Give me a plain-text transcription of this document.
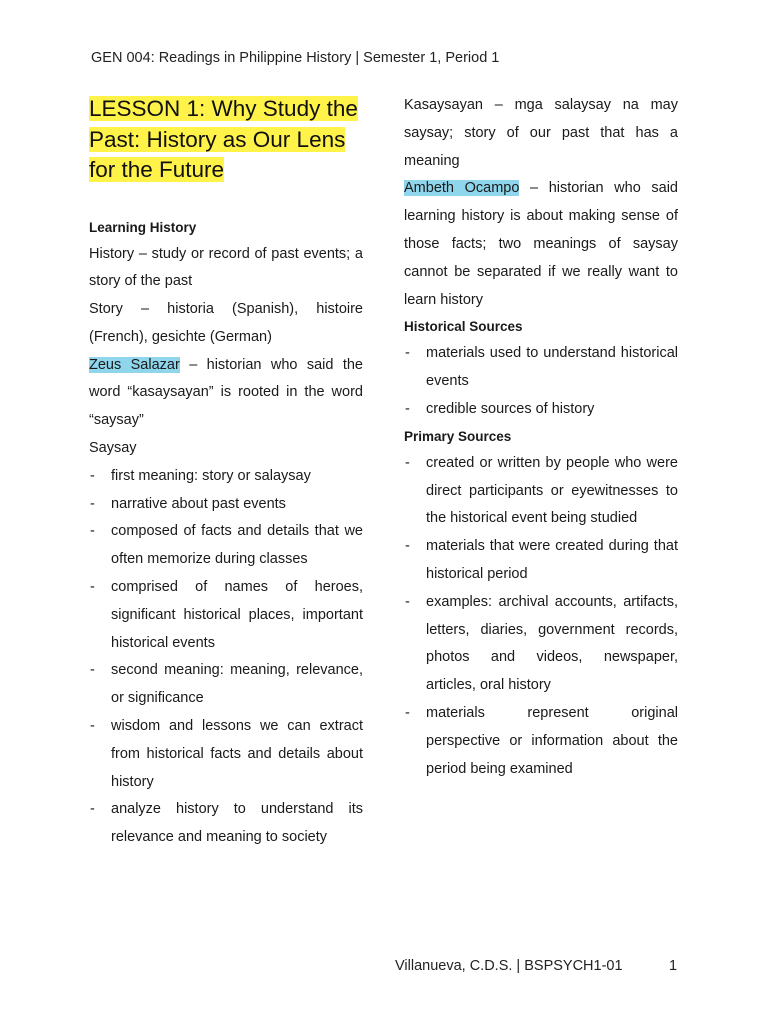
GEN 004: Readings in Philippine History | Semester 1, Period 1

LESSON 1: Why Study the Past: History as Our Lens for the Future

Learning History

History – study or record of past events; a story of the past

Story – historia (Spanish), histoire (French), gesichte (German)

Zeus Salazar – historian who said the word “kasaysayan” is rooted in the word “saysay”

Saysay

- first meaning: story or salaysay
- narrative about past events
- composed of facts and details that we often memorize during classes
- comprised of names of heroes, significant historical places, important historical events
- second meaning: meaning, relevance, or significance
- wisdom and lessons we can extract from historical facts and details about history
- analyze history to understand its relevance and meaning to society

Kasaysayan – mga salaysay na may saysay; story of our past that has a meaning

Ambeth Ocampo – historian who said learning history is about making sense of those facts; two meanings of saysay cannot be separated if we really want to learn history

Historical Sources

- materials used to understand historical events
- credible sources of history

Primary Sources

- created or written by people who were direct participants or eyewitnesses to the historical event being studied
- materials that were created during that historical period
- examples: archival accounts, artifacts, letters, diaries, government records, photos and videos, newspaper, articles, oral history
- materials represent original perspective or information about the period being examined
Villanueva, C.D.S. | BSPSYCH1-01	1
